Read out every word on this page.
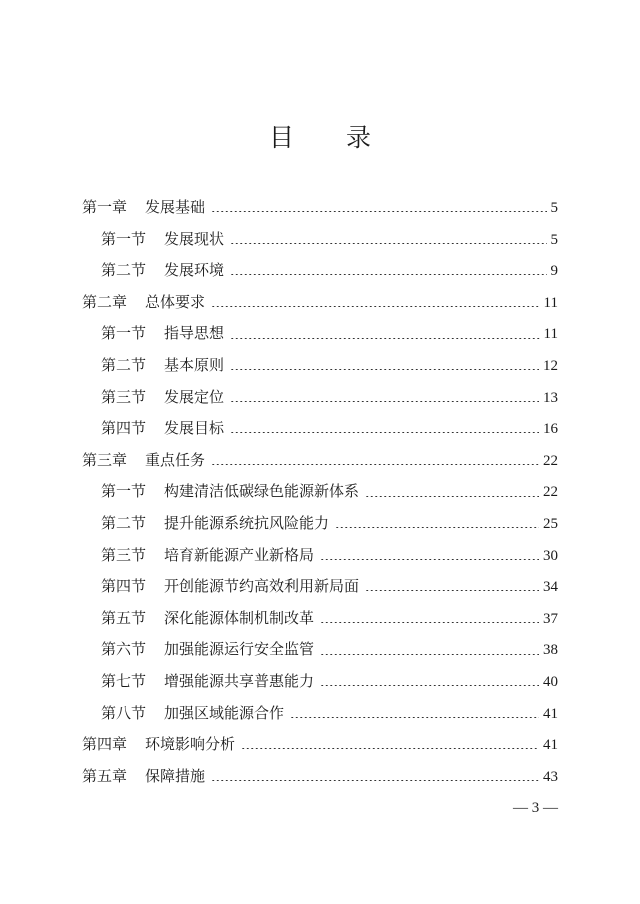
目 录
第一章 发展基础	5
第一节 发展现状	5
第二节 发展环境	9
第二章 总体要求	11
第一节 指导思想	11
第二节 基本原则	12
第三节 发展定位	13
第四节 发展目标	16
第三章 重点任务	22
第一节 构建清洁低碳绿色能源新体系	22
第二节 提升能源系统抗风险能力	25
第三节 培育新能源产业新格局	30
第四节 开创能源节约高效利用新局面	34
第五节 深化能源体制机制改革	37
第六节 加强能源运行安全监管	38
第七节 增强能源共享普惠能力	40
第八节 加强区域能源合作	41
第四章 环境影响分析	41
第五章 保障措施	43
— 3 —
